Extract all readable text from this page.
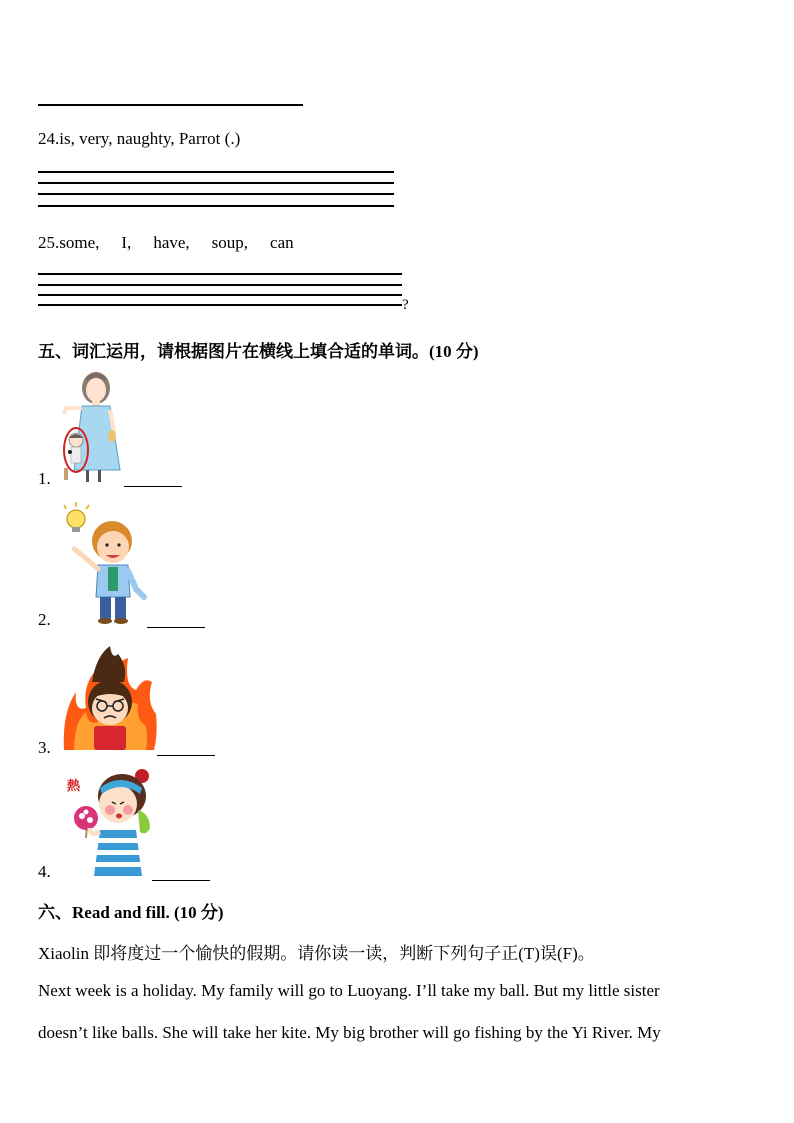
24.is, very, naughty, Parrot (.)
25.some, I, have, soup, can
?
五、词汇运用，请根据图片在横线上填合适的单词。(10 分)
1.
2.
3.
熱
4.
六、Read and fill. (10 分)
Xiaolin 即将度过一个愉快的假期。请你读一读，判断下列句子正(T)误(F)。
Next week is a holiday. My family will go to Luoyang. I’ll take my ball. But my little sister
doesn’t like balls. She will take her kite. My big brother will go fishing by the Yi River. My
